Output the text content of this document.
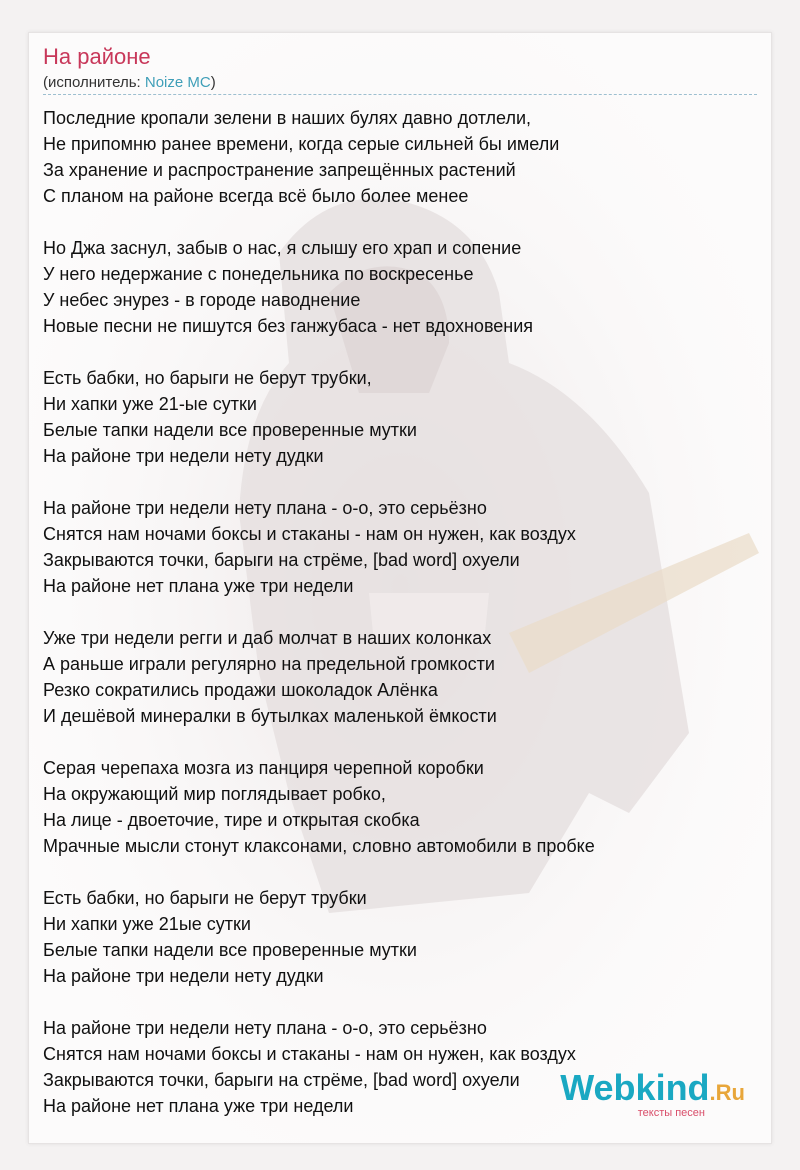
На районе
(исполнитель: Noize MC)
Последние кропали зелени в наших булях давно дотлели,
Не припомню ранее времени, когда серые сильней бы имели
За хранение и распространение запрещённых растений
С планом на районе всегда всё было более менее
Но Джа заснул, забыв о нас, я слышу его храп и сопение
У него недержание с понедельника по воскресенье
У небес энурез - в городе наводнение
Новые песни не пишутся без ганжубаса - нет вдохновения
Есть бабки, но барыги не берут трубки,
Ни хапки уже 21-ые сутки
Белые тапки надели все проверенные мутки
На районе три недели нету дудки
На районе три недели нету плана - о-о, это серьёзно
Снятся нам ночами боксы и стаканы - нам он нужен, как воздух
Закрываются точки, барыги на стрёме, [bad word] охуели
На районе нет плана уже три недели
Уже три недели регги и даб молчат в наших колонках
А раньше играли регулярно на предельной громкости
Резко сократились продажи шоколадок Алёнка
И дешёвой минералки в бутылках маленькой ёмкости
Серая черепаха мозга из панциря черепной коробки
На окружающий мир поглядывает робко,
На лице - двоеточие, тире и открытая скобка
Мрачные мысли стонут клаксонами, словно автомобили в пробке
Есть бабки, но барыги не берут трубки
Ни хапки уже 21ые сутки
Белые тапки надели все проверенные мутки
На районе три недели нету дудки
На районе три недели нету плана - о-о, это серьёзно
Снятся нам ночами боксы и стаканы - нам он нужен, как воздух
Закрываются точки, барыги на стрёме, [bad word] охуели
На районе нет плана уже три недели	Webkind.Ru
тексты песен
